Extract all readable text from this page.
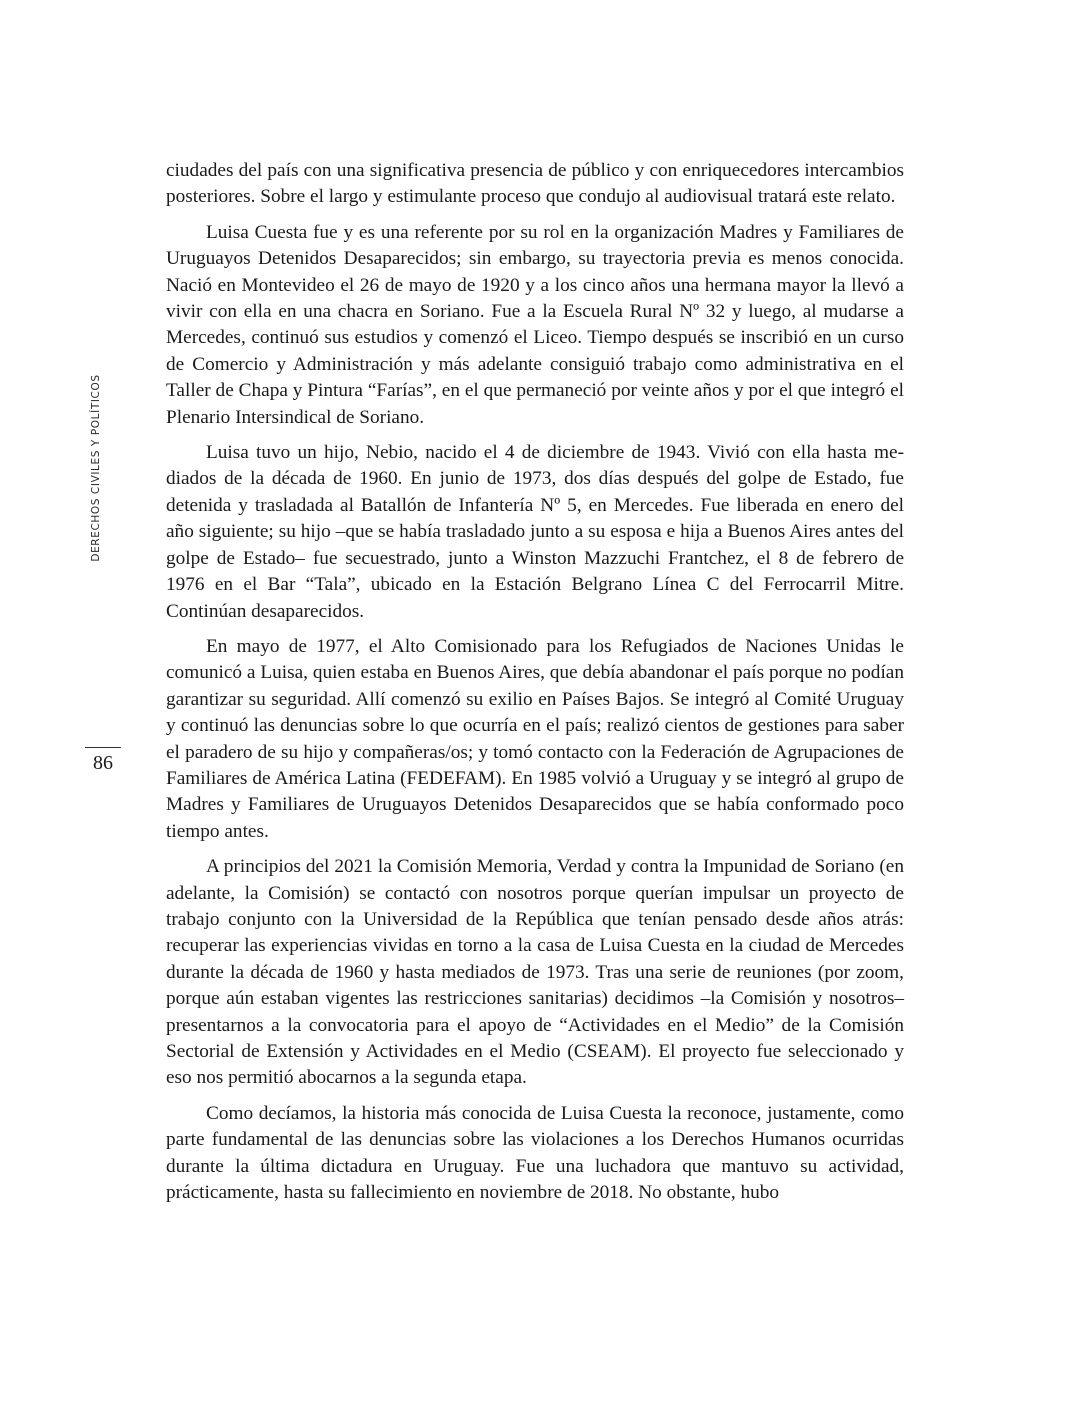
DERECHOS CIVILES Y POLÍTICOS
86

ciudades del país con una significativa presencia de público y con enriquecedores intercambios posteriores. Sobre el largo y estimulante proceso que condujo al audiovisual tratará este relato.

Luisa Cuesta fue y es una referente por su rol en la organización Madres y Familiares de Uruguayos Detenidos Desaparecidos; sin embargo, su trayectoria previa es menos conocida. Nació en Montevideo el 26 de mayo de 1920 y a los cinco años una hermana mayor la llevó a vivir con ella en una chacra en Soriano. Fue a la Escuela Rural Nº 32 y luego, al mudarse a Mercedes, continuó sus estudios y comenzó el Liceo. Tiempo después se inscribió en un curso de Comercio y Administración y más adelante consiguió trabajo como administrativa en el Taller de Chapa y Pintura “Farías”, en el que permaneció por veinte años y por el que integró el Plenario Intersindical de Soriano.

Luisa tuvo un hijo, Nebio, nacido el 4 de diciembre de 1943. Vivió con ella hasta mediados de la década de 1960. En junio de 1973, dos días después del golpe de Estado, fue detenida y trasladada al Batallón de Infantería Nº 5, en Mercedes. Fue liberada en enero del año siguiente; su hijo –que se había trasladado junto a su esposa e hija a Buenos Aires antes del golpe de Estado– fue secuestrado, junto a Winston Mazzuchi Frantchez, el 8 de febrero de 1976 en el Bar “Tala”, ubicado en la Estación Belgrano Línea C del Ferrocarril Mitre. Continúan desaparecidos.

En mayo de 1977, el Alto Comisionado para los Refugiados de Naciones Unidas le comunicó a Luisa, quien estaba en Buenos Aires, que debía abandonar el país porque no podían garantizar su seguridad. Allí comenzó su exilio en Países Bajos. Se integró al Comité Uruguay y continuó las denuncias sobre lo que ocurría en el país; realizó cientos de gestiones para saber el paradero de su hijo y compañeras/os; y tomó contacto con la Federación de Agrupaciones de Familiares de América Latina (FEDEFAM). En 1985 volvió a Uruguay y se integró al grupo de Madres y Familiares de Uruguayos Detenidos Desaparecidos que se había conformado poco tiempo antes.

A principios del 2021 la Comisión Memoria, Verdad y contra la Impunidad de Soriano (en adelante, la Comisión) se contactó con nosotros porque querían impulsar un proyecto de trabajo conjunto con la Universidad de la República que tenían pensado desde años atrás: recuperar las experiencias vividas en torno a la casa de Luisa Cuesta en la ciudad de Mercedes durante la década de 1960 y hasta mediados de 1973. Tras una serie de reuniones (por zoom, porque aún estaban vigentes las restricciones sanitarias) decidimos –la Comisión y nosotros– presentarnos a la convocatoria para el apoyo de “Actividades en el Medio” de la Comisión Sectorial de Extensión y Actividades en el Medio (CSEAM). El proyecto fue seleccionado y eso nos permitió abocarnos a la segunda etapa.

Como decíamos, la historia más conocida de Luisa Cuesta la reconoce, justamente, como parte fundamental de las denuncias sobre las violaciones a los Derechos Humanos ocurridas durante la última dictadura en Uruguay. Fue una luchadora que mantuvo su actividad, prácticamente, hasta su fallecimiento en noviembre de 2018. No obstante, hubo
